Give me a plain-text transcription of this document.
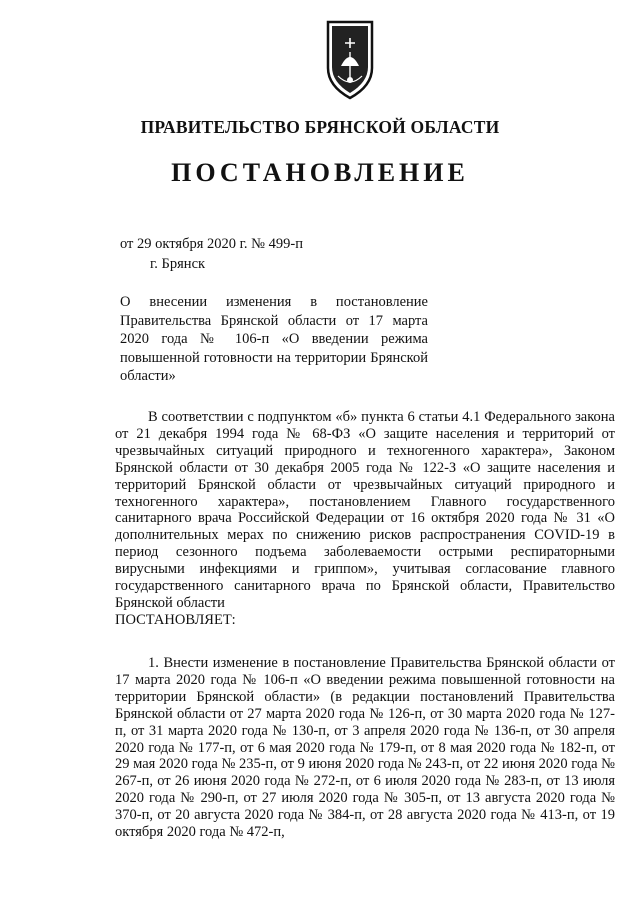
ПРАВИТЕЛЬСТВО БРЯНСКОЙ ОБЛАСТИ
ПОСТАНОВЛЕНИЕ
от 29 октября 2020 г. № 499-п
г. Брянск
О внесении изменения в постановление Правительства Брянской области от 17 марта 2020 года № 106-п «О введении режима повышенной готовности на территории Брянской области»

В соответствии с подпунктом «б» пункта 6 статьи 4.1 Федерального закона от 21 декабря 1994 года № 68-ФЗ «О защите населения и территорий от чрезвычайных ситуаций природного и техногенного характера», Законом Брянской области от 30 декабря 2005 года № 122-З «О защите населения и территорий Брянской области от чрезвычайных ситуаций природного и техногенного характера», постановлением Главного государственного санитарного врача Российской Федерации от 16 октября 2020 года № 31 «О дополнительных мерах по снижению рисков распространения COVID-19 в период сезонного подъема заболеваемости острыми респираторными вирусными инфекциями и гриппом», учитывая согласование главного государственного санитарного врача по Брянской области, Правительство Брянской области

ПОСТАНОВЛЯЕТ:

1. Внести изменение в постановление Правительства Брянской области от 17 марта 2020 года № 106-п «О введении режима повышенной готовности на территории Брянской области» (в редакции постановлений Правительства Брянской области от 27 марта 2020 года № 126-п, от 30 марта 2020 года № 127-п, от 31 марта 2020 года № 130-п, от 3 апреля 2020 года № 136-п, от 30 апреля 2020 года № 177-п, от 6 мая 2020 года № 179-п, от 8 мая 2020 года № 182-п, от 29 мая 2020 года № 235-п, от 9 июня 2020 года № 243-п, от 22 июня 2020 года № 267-п, от 26 июня 2020 года № 272-п, от 6 июля 2020 года № 283-п, от 13 июля 2020 года № 290-п, от 27 июля 2020 года № 305-п, от 13 августа 2020 года № 370-п, от 20 августа 2020 года № 384-п, от 28 августа 2020 года № 413-п, от 19 октября 2020 года № 472-п,
